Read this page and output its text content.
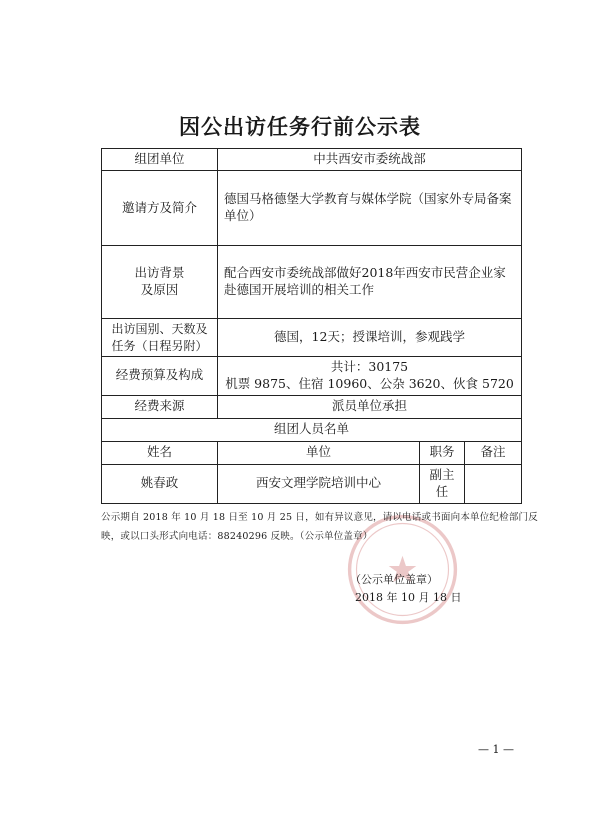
因公出访任务行前公示表
组团单位	中共西安市委统战部		
邀请方及简介	德国马格德堡大学教育与媒体学院（国家外专局备案单位）		

出访背景
及原因	配合西安市委统战部做好2018年西安市民营企业家赴德国开展培训的相关工作		
出访国别、天数及任务（日程另附）	德国，12天；授课培训，参观践学		
经费预算及构成	共计：30175
机票 9875、住宿 10960、公杂 3620、伙食 5720		

经费来源	派员单位承担		
组团人员名单			
姓名	单位	职务	备注
姚春政	西安文理学院培训中心	副主任	
公示期自 2018 年 10 月 18 日至 10 月 25 日，如有异议意见，请以电话或书面向本单位纪检部门反映，或以口头形式向电话：88240296 反映。（公示单位盖章）
（公示单位盖章）
2018 年 10 月 18 日
— 1 —
